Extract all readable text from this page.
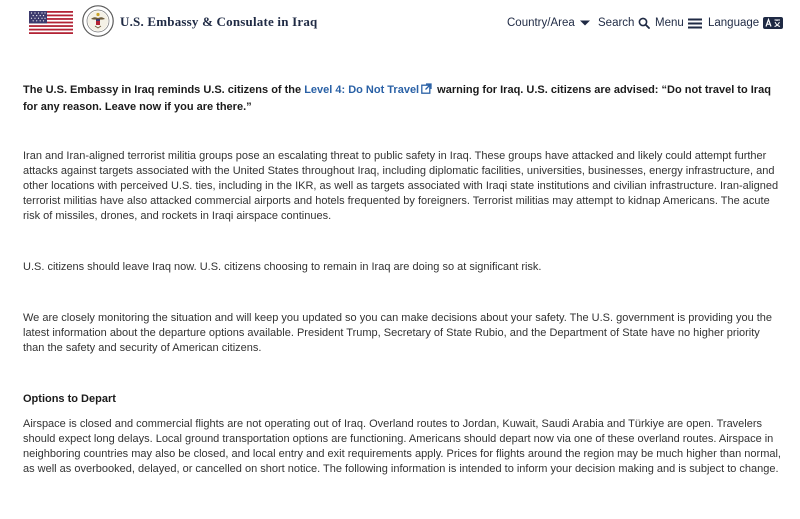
U.S. Embassy & Consulate in Iraq	Country/Area Search Menu Language
The U.S. Embassy in Iraq reminds U.S. citizens of the Level 4: Do Not Travel warning for Iraq. U.S. citizens are advised: “Do not travel to Iraq for any reason. Leave now if you are there.”
Iran and Iran-aligned terrorist militia groups pose an escalating threat to public safety in Iraq. These groups have attacked and likely could attempt further attacks against targets associated with the United States throughout Iraq, including diplomatic facilities, universities, businesses, energy infrastructure, and other locations with perceived U.S. ties, including in the IKR, as well as targets associated with Iraqi state institutions and civilian infrastructure. Iran-aligned terrorist militias have also attacked commercial airports and hotels frequented by foreigners. Terrorist militias may attempt to kidnap Americans. The acute risk of missiles, drones, and rockets in Iraqi airspace continues.
U.S. citizens should leave Iraq now. U.S. citizens choosing to remain in Iraq are doing so at significant risk.
We are closely monitoring the situation and will keep you updated so you can make decisions about your safety. The U.S. government is providing you the latest information about the departure options available. President Trump, Secretary of State Rubio, and the Department of State have no higher priority than the safety and security of American citizens.
Options to Depart
Airspace is closed and commercial flights are not operating out of Iraq. Overland routes to Jordan, Kuwait, Saudi Arabia and Türkiye are open. Travelers should expect long delays. Local ground transportation options are functioning. Americans should depart now via one of these overland routes. Airspace in neighboring countries may also be closed, and local entry and exit requirements apply. Prices for flights around the region may be much higher than normal, as well as overbooked, delayed, or cancelled on short notice. The following information is intended to inform your decision making and is subject to change.
